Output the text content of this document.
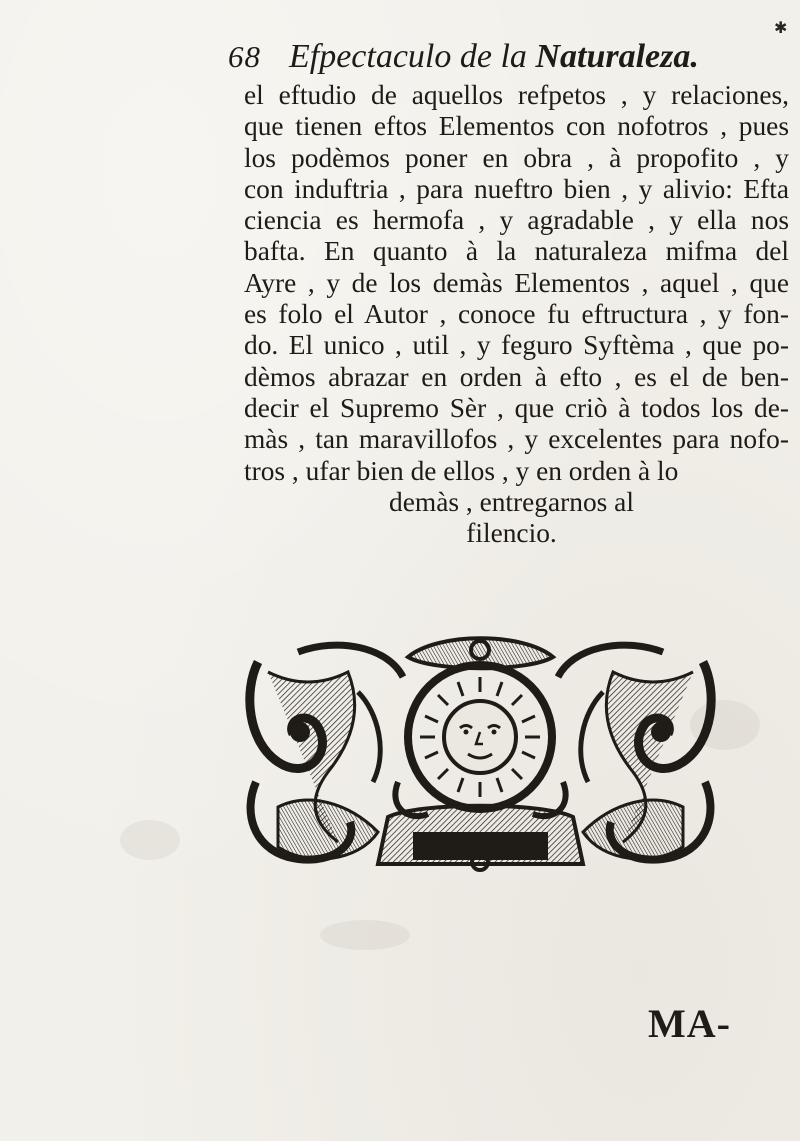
✱
68 Efpectaculo de la Naturaleza.
el eftudio de aquellos refpetos , y relaciones,
que tienen eftos Elementos con nofotros , pues
los podèmos poner en obra , à propofito , y
con induftria , para nueftro bien , y alivio: Efta
ciencia es hermofa , y agradable , y ella nos
bafta. En quanto à la naturaleza mifma del
Ayre , y de los demàs Elementos , aquel , que
es folo el Autor , conoce fu eftructura , y fon-
do. El unico , util , y feguro Syftèma , que po-
dèmos abrazar en orden à efto , es el de ben-
decir el Supremo Sèr , que criò à todos los de-
màs , tan maravillofos , y excelentes para nofo-
tros , ufar bien de ellos , y en orden à lo
demàs , entregarnos al
filencio.
MA-
